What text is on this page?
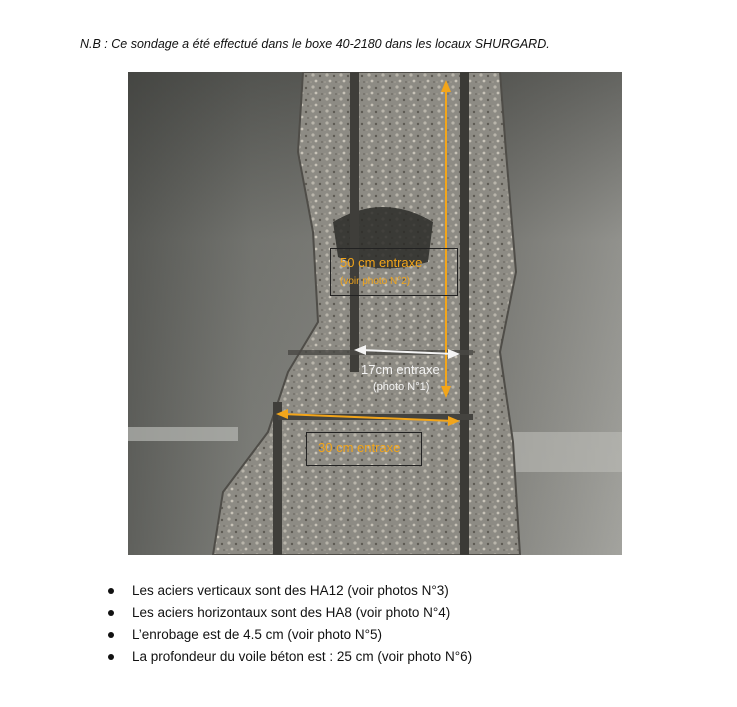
N.B : Ce sondage a été effectué dans le boxe 40-2180 dans les locaux SHURGARD.
50 cm entraxe
(voir photo N°2)
17cm entraxe
(photo N°1)
30 cm entraxe
Les aciers verticaux sont des HA12 (voir photos N°3)
Les aciers horizontaux sont des HA8 (voir photo N°4)
L’enrobage est de 4.5 cm (voir photo N°5)
La profondeur du voile béton est : 25 cm (voir photo N°6)
